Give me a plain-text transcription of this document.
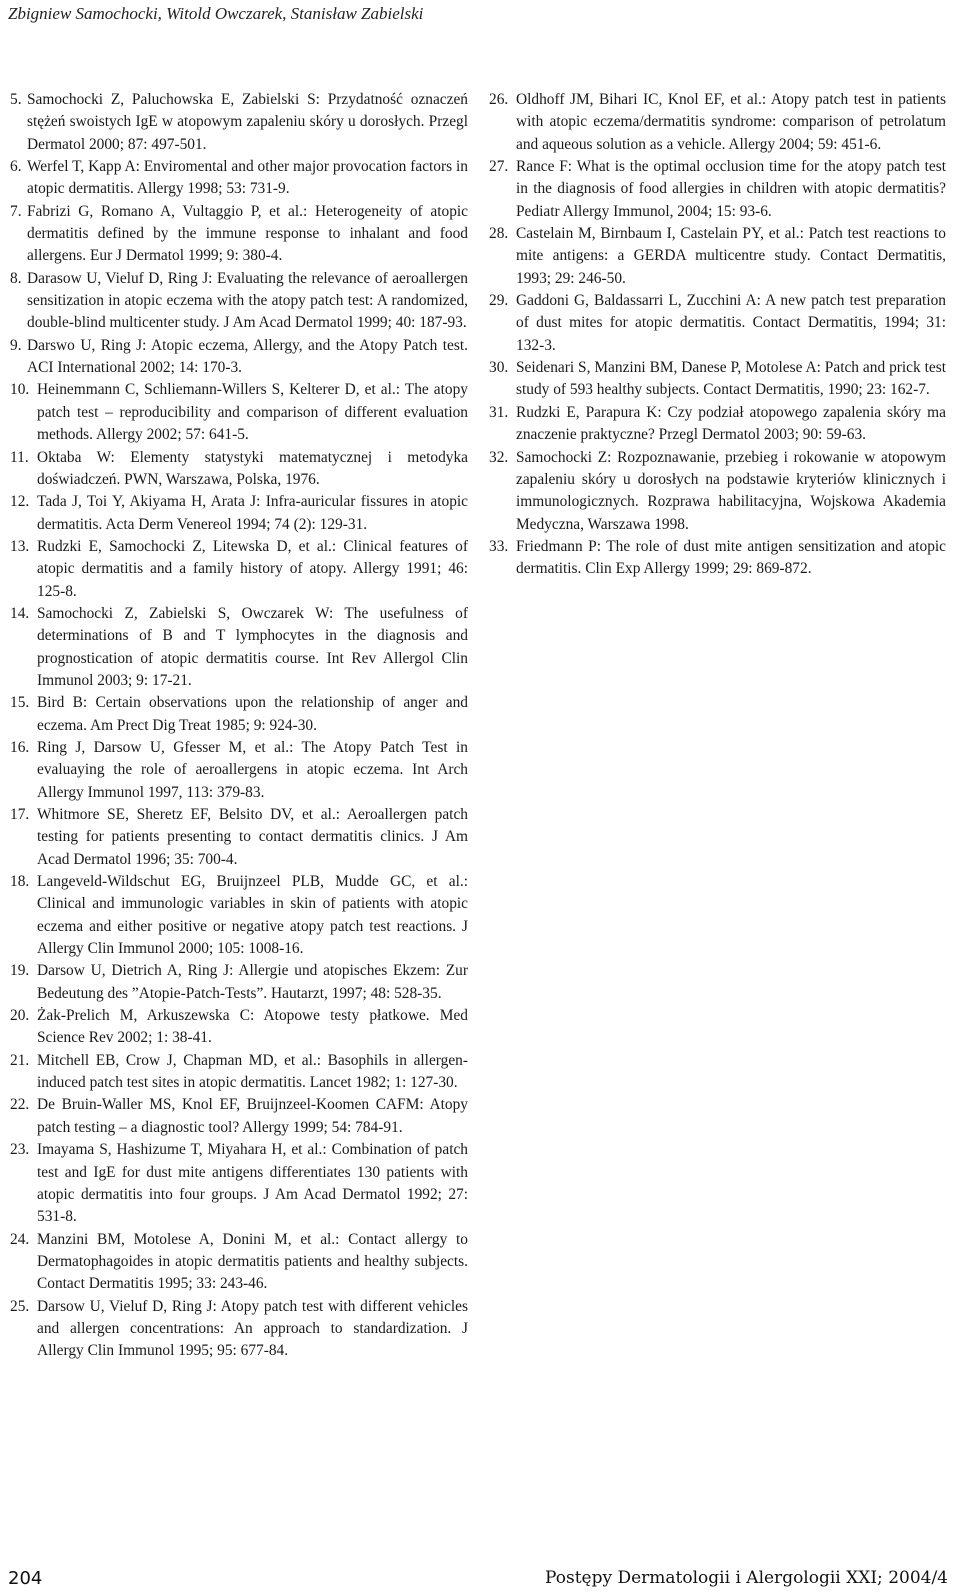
Zbigniew Samochocki, Witold Owczarek, Stanisław Zabielski
5. Samochocki Z, Paluchowska E, Zabielski S: Przydatność oznaczeń stężeń swoistych IgE w atopowym zapaleniu skóry u dorosłych. Przegl Dermatol 2000; 87: 497-501.
6. Werfel T, Kapp A: Enviromental and other major provocation factors in atopic dermatitis. Allergy 1998; 53: 731-9.
7. Fabrizi G, Romano A, Vultaggio P, et al.: Heterogeneity of atopic dermatitis defined by the immune response to inhalant and food allergens. Eur J Dermatol 1999; 9: 380-4.
8. Darasow U, Vieluf D, Ring J: Evaluating the relevance of aeroallergen sensitization in atopic eczema with the atopy patch test: A randomized, double-blind multicenter study. J Am Acad Dermatol 1999; 40: 187-93.
9. Darswo U, Ring J: Atopic eczema, Allergy, and the Atopy Patch test. ACI International 2002; 14: 170-3.
10. Heinemmann C, Schliemann-Willers S, Kelterer D, et al.: The atopy patch test – reproducibility and comparison of different evaluation methods. Allergy 2002; 57: 641-5.
11. Oktaba W: Elementy statystyki matematycznej i metodyka doświadczeń. PWN, Warszawa, Polska, 1976.
12. Tada J, Toi Y, Akiyama H, Arata J: Infra-auricular fissures in atopic dermatitis. Acta Derm Venereol 1994; 74 (2): 129-31.
13. Rudzki E, Samochocki Z, Litewska D, et al.: Clinical features of atopic dermatitis and a family history of atopy. Allergy 1991; 46: 125-8.
14. Samochocki Z, Zabielski S, Owczarek W: The usefulness of determinations of B and T lymphocytes in the diagnosis and prognostication of atopic dermatitis course. Int Rev Allergol Clin Immunol 2003; 9: 17-21.
15. Bird B: Certain observations upon the relationship of anger and eczema. Am Prect Dig Treat 1985; 9: 924-30.
16. Ring J, Darsow U, Gfesser M, et al.: The Atopy Patch Test in evaluaying the role of aeroallergens in atopic eczema. Int Arch Allergy Immunol 1997, 113: 379-83.
17. Whitmore SE, Sheretz EF, Belsito DV, et al.: Aeroallergen patch testing for patients presenting to contact dermatitis clinics. J Am Acad Dermatol 1996; 35: 700-4.
18. Langeveld-Wildschut EG, Bruijnzeel PLB, Mudde GC, et al.: Clinical and immunologic variables in skin of patients with atopic eczema and either positive or negative atopy patch test reactions. J Allergy Clin Immunol 2000; 105: 1008-16.
19. Darsow U, Dietrich A, Ring J: Allergie und atopisches Ekzem: Zur Bedeutung des ”Atopie-Patch-Tests”. Hautarzt, 1997; 48: 528-35.
20. Żak-Prelich M, Arkuszewska C: Atopowe testy płatkowe. Med Science Rev 2002; 1: 38-41.
21. Mitchell EB, Crow J, Chapman MD, et al.: Basophils in allergen-induced patch test sites in atopic dermatitis. Lancet 1982; 1: 127-30.
22. De Bruin-Waller MS, Knol EF, Bruijnzeel-Koomen CAFM: Atopy patch testing – a diagnostic tool? Allergy 1999; 54: 784-91.
23. Imayama S, Hashizume T, Miyahara H, et al.: Combination of patch test and IgE for dust mite antigens differentiates 130 patients with atopic dermatitis into four groups. J Am Acad Dermatol 1992; 27: 531-8.
24. Manzini BM, Motolese A, Donini M, et al.: Contact allergy to Dermatophagoides in atopic dermatitis patients and healthy subjects. Contact Dermatitis 1995; 33: 243-46.
25. Darsow U, Vieluf D, Ring J: Atopy patch test with different vehicles and allergen concentrations: An approach to standardization. J Allergy Clin Immunol 1995; 95: 677-84.
26. Oldhoff JM, Bihari IC, Knol EF, et al.: Atopy patch test in patients with atopic eczema/dermatitis syndrome: comparison of petrolatum and aqueous solution as a vehicle. Allergy 2004; 59: 451-6.
27. Rance F: What is the optimal occlusion time for the atopy patch test in the diagnosis of food allergies in children with atopic dermatitis? Pediatr Allergy Immunol, 2004; 15: 93-6.
28. Castelain M, Birnbaum I, Castelain PY, et al.: Patch test reactions to mite antigens: a GERDA multicentre study. Contact Dermatitis, 1993; 29: 246-50.
29. Gaddoni G, Baldassarri L, Zucchini A: A new patch test preparation of dust mites for atopic dermatitis. Contact Dermatitis, 1994; 31: 132-3.
30. Seidenari S, Manzini BM, Danese P, Motolese A: Patch and prick test study of 593 healthy subjects. Contact Dermatitis, 1990; 23: 162-7.
31. Rudzki E, Parapura K: Czy podział atopowego zapalenia skóry ma znaczenie praktyczne? Przegl Dermatol 2003; 90: 59-63.
32. Samochocki Z: Rozpoznawanie, przebieg i rokowanie w atopowym zapaleniu skóry u dorosłych na podstawie kryteriów klinicznych i immunologicznych. Rozprawa habilitacyjna, Wojskowa Akademia Medyczna, Warszawa 1998.
33. Friedmann P: The role of dust mite antigen sensitization and atopic dermatitis. Clin Exp Allergy 1999; 29: 869-872.
204	Postępy Dermatologii i Alergologii XXI; 2004/4
